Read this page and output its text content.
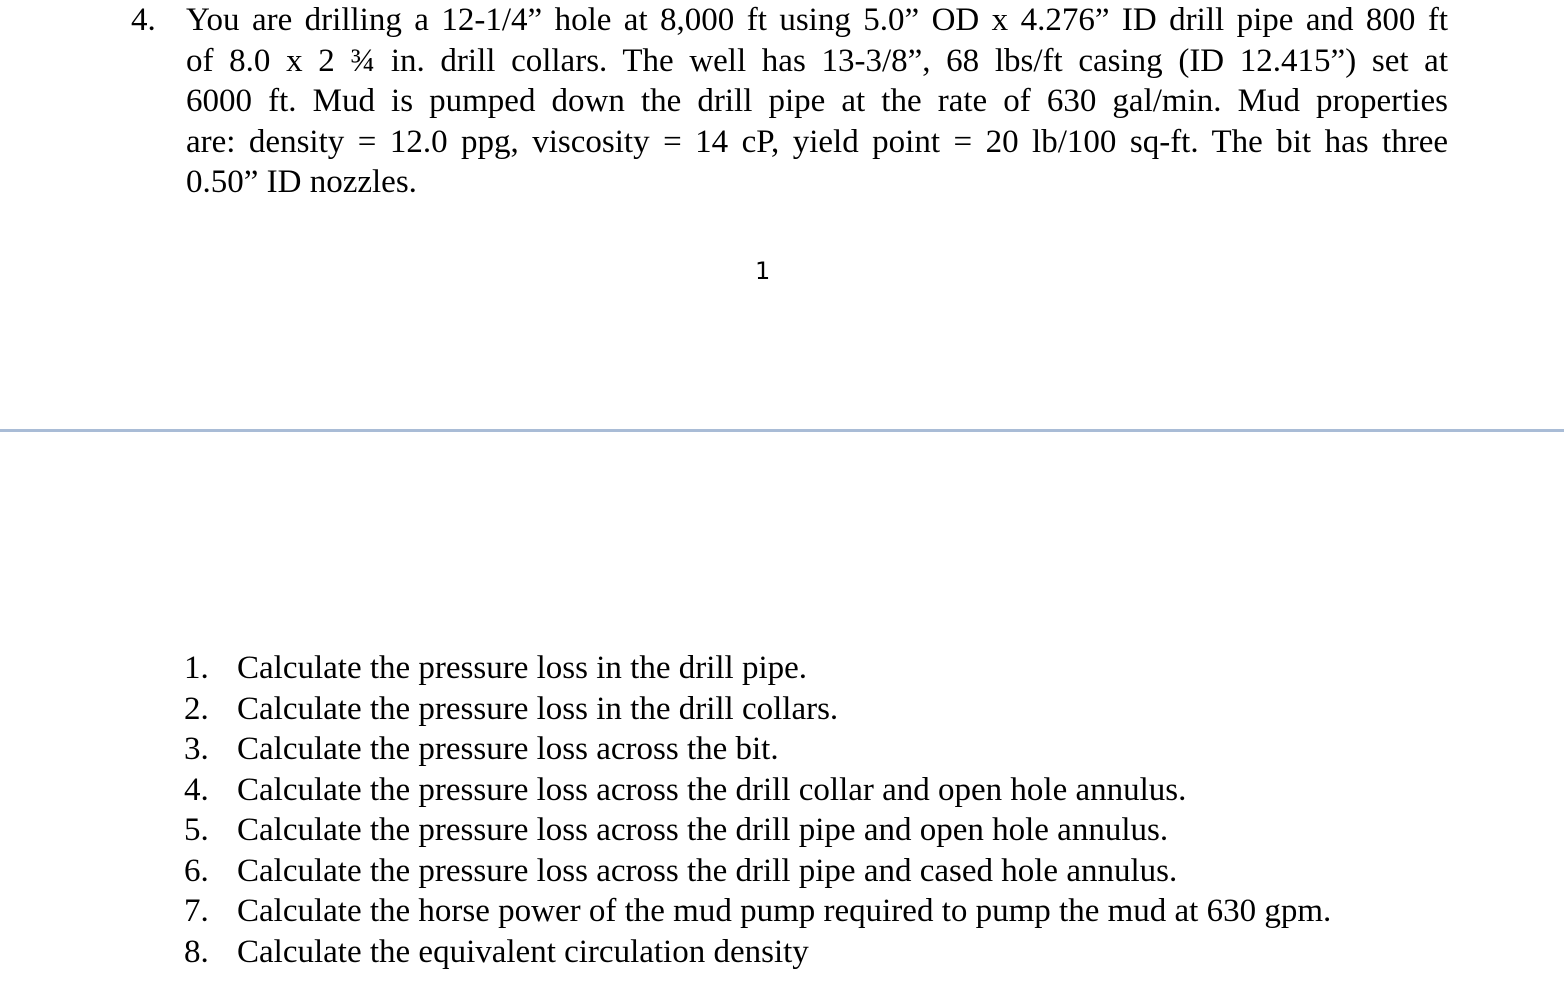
4. You are drilling a 12-1/4” hole at 8,000 ft using 5.0” OD x 4.276” ID drill pipe and 800 ft
of 8.0 x 2 ¾ in. drill collars. The well has 13-3/8”, 68 lbs/ft casing (ID 12.415”) set at
6000 ft. Mud is pumped down the drill pipe at the rate of 630 gal/min. Mud properties
are: density = 12.0 ppg, viscosity = 14 cP, yield point = 20 lb/100 sq-ft. The bit has three
0.50” ID nozzles.
1
1. Calculate the pressure loss in the drill pipe.
2. Calculate the pressure loss in the drill collars.
3. Calculate the pressure loss across the bit.
4. Calculate the pressure loss across the drill collar and open hole annulus.
5. Calculate the pressure loss across the drill pipe and open hole annulus.
6. Calculate the pressure loss across the drill pipe and cased hole annulus.
7. Calculate the horse power of the mud pump required to pump the mud at 630 gpm.
8. Calculate the equivalent circulation density
